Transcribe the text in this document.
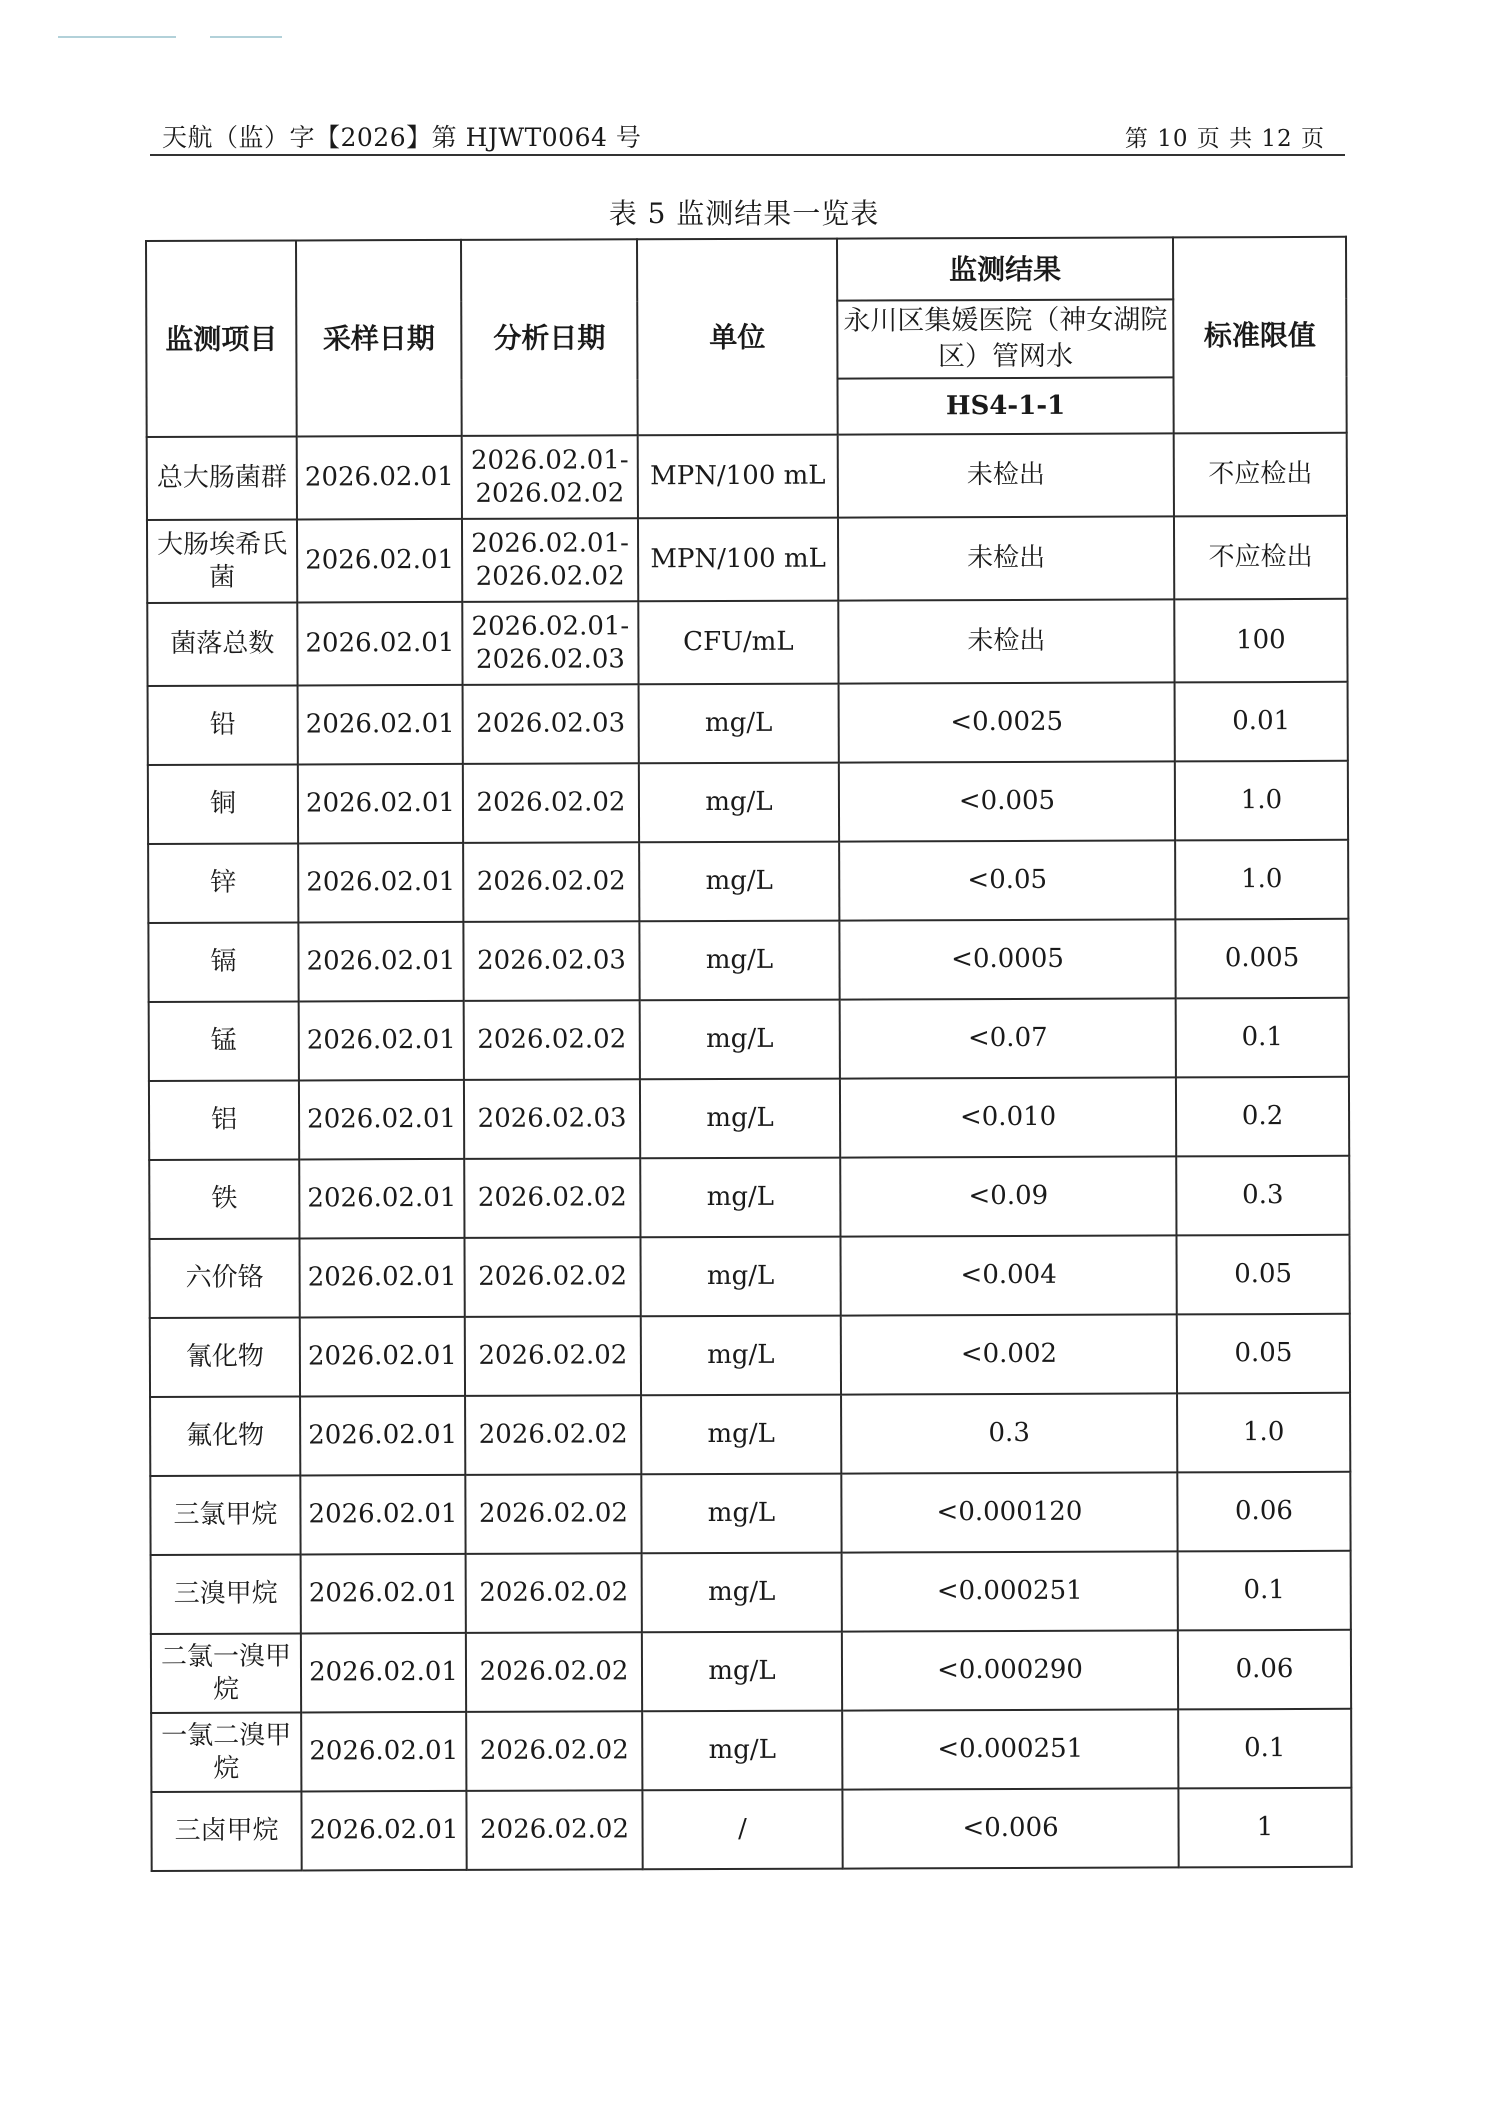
天航（监）字【2026】第 HJWT0064 号	第 10 页 共 12 页
表 5 监测结果一览表
监测项目	采样日期	分析日期	单位	监测结果	标准限值
				永川区集媛医院（神女湖院区）管网水	
				HS4-1-1	
总大肠菌群	2026.02.01	2026.02.01-2026.02.02	MPN/100 mL	未检出	不应检出
大肠埃希氏菌	2026.02.01	2026.02.01-2026.02.02	MPN/100 mL	未检出	不应检出
菌落总数	2026.02.01	2026.02.01-2026.02.03	CFU/mL	未检出	100
铅	2026.02.01	2026.02.03	mg/L	<0.0025	0.01
铜	2026.02.01	2026.02.02	mg/L	<0.005	1.0
锌	2026.02.01	2026.02.02	mg/L	<0.05	1.0
镉	2026.02.01	2026.02.03	mg/L	<0.0005	0.005
锰	2026.02.01	2026.02.02	mg/L	<0.07	0.1
铝	2026.02.01	2026.02.03	mg/L	<0.010	0.2
铁	2026.02.01	2026.02.02	mg/L	<0.09	0.3
六价铬	2026.02.01	2026.02.02	mg/L	<0.004	0.05
氰化物	2026.02.01	2026.02.02	mg/L	<0.002	0.05
氟化物	2026.02.01	2026.02.02	mg/L	0.3	1.0
三氯甲烷	2026.02.01	2026.02.02	mg/L	<0.000120	0.06
三溴甲烷	2026.02.01	2026.02.02	mg/L	<0.000251	0.1
二氯一溴甲烷	2026.02.01	2026.02.02	mg/L	<0.000290	0.06
一氯二溴甲烷	2026.02.01	2026.02.02	mg/L	<0.000251	0.1
三卤甲烷	2026.02.01	2026.02.02	/	<0.006	1
